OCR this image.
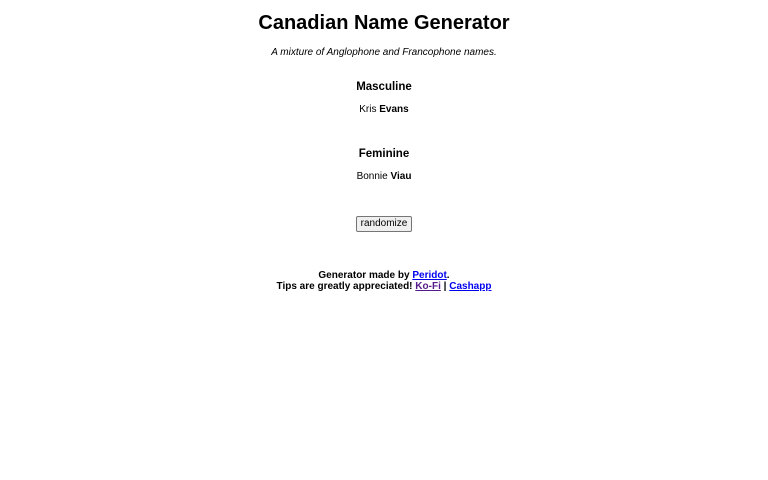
Canadian Name Generator
A mixture of Anglophone and Francophone names.
Masculine
Kris Evans
Feminine
Bonnie Viau
randomize
Generator made by Peridot.
Tips are greatly appreciated! Ko-Fi | Cashapp
